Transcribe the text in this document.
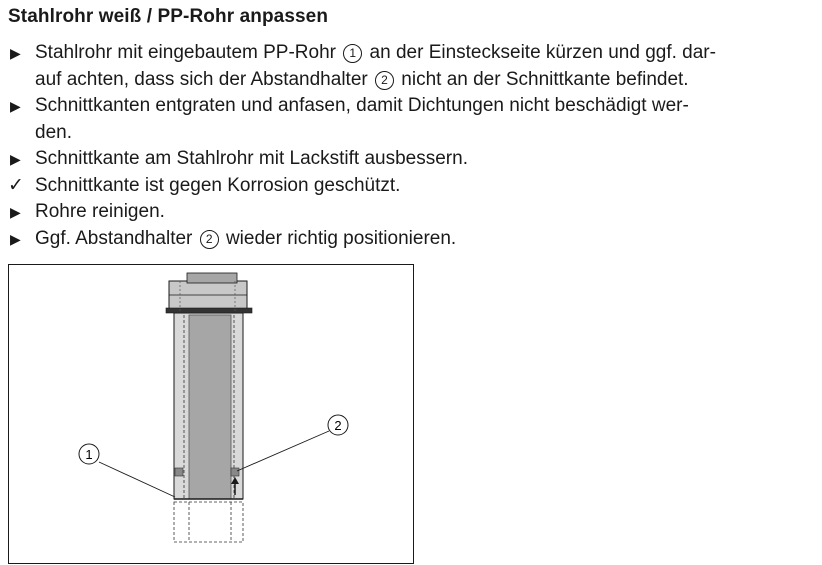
Stahlrohr weiß / PP-Rohr anpassen
▶ Stahlrohr mit eingebautem PP-Rohr 1 an der Einsteckseite kürzen und ggf. dar-
auf achten, dass sich der Abstandhalter 2 nicht an der Schnittkante befindet.
▶ Schnittkanten entgraten und anfasen, damit Dichtungen nicht beschädigt wer-
den.
▶ Schnittkante am Stahlrohr mit Lackstift ausbessern.
✓ Schnittkante ist gegen Korrosion geschützt.
▶ Rohre reinigen.
▶ Ggf. Abstandhalter 2 wieder richtig positionieren.
1
2
